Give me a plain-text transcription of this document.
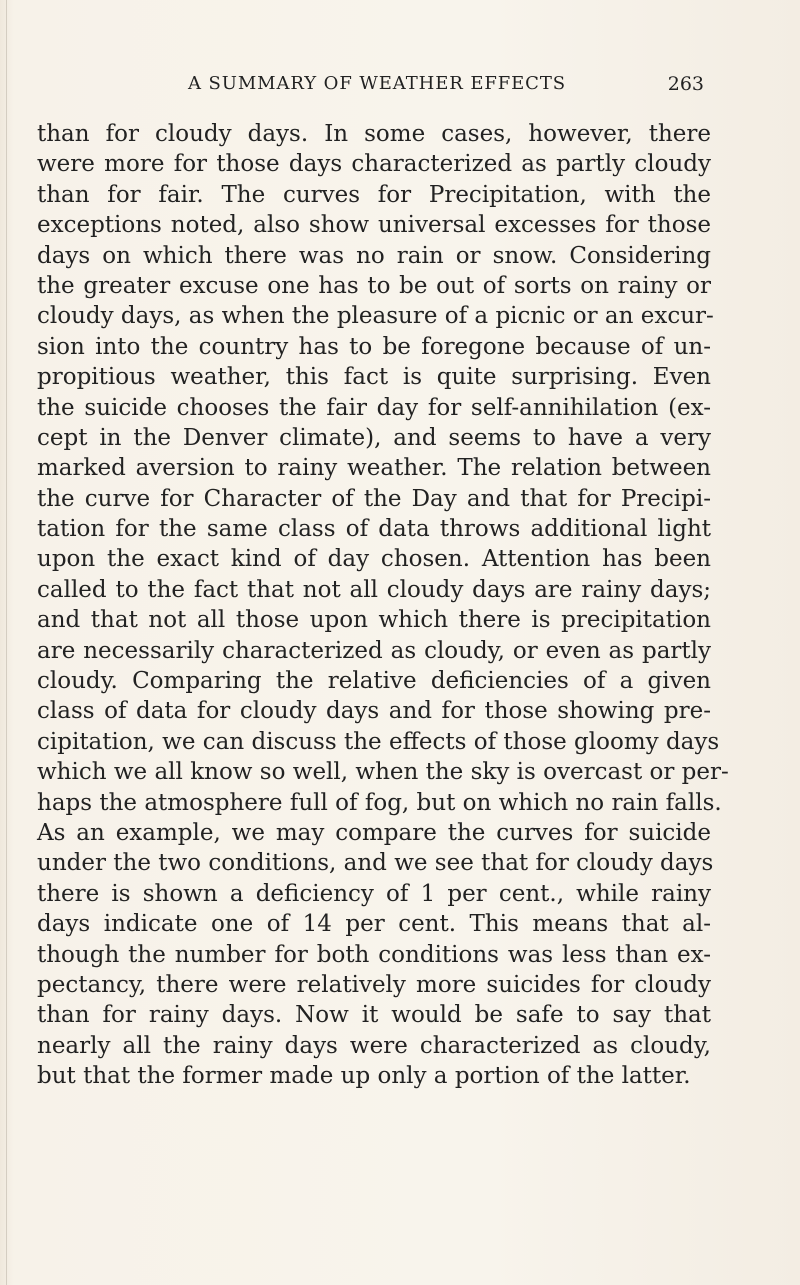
A SUMMARY OF WEATHER EFFECTS	263
than for cloudy days. In some cases, however, there
were more for those days characterized as partly cloudy
than for fair. The curves for Precipitation, with the
exceptions noted, also show universal excesses for those
days on which there was no rain or snow. Considering
the greater excuse one has to be out of sorts on rainy or
cloudy days, as when the pleasure of a picnic or an excur-
sion into the country has to be foregone because of un-
propitious weather, this fact is quite surprising. Even
the suicide chooses the fair day for self-annihilation (ex-
cept in the Denver climate), and seems to have a very
marked aversion to rainy weather. The relation between
the curve for Character of the Day and that for Precipi-
tation for the same class of data throws additional light
upon the exact kind of day chosen. Attention has been
called to the fact that not all cloudy days are rainy days;
and that not all those upon which there is precipitation
are necessarily characterized as cloudy, or even as partly
cloudy. Comparing the relative deficiencies of a given
class of data for cloudy days and for those showing pre-
cipitation, we can discuss the effects of those gloomy days
which we all know so well, when the sky is overcast or per-
haps the atmosphere full of fog, but on which no rain falls.
As an example, we may compare the curves for suicide
under the two conditions, and we see that for cloudy days
there is shown a deficiency of 1 per cent., while rainy
days indicate one of 14 per cent. This means that al-
though the number for both conditions was less than ex-
pectancy, there were relatively more suicides for cloudy
than for rainy days. Now it would be safe to say that
nearly all the rainy days were characterized as cloudy,
but that the former made up only a portion of the latter.
